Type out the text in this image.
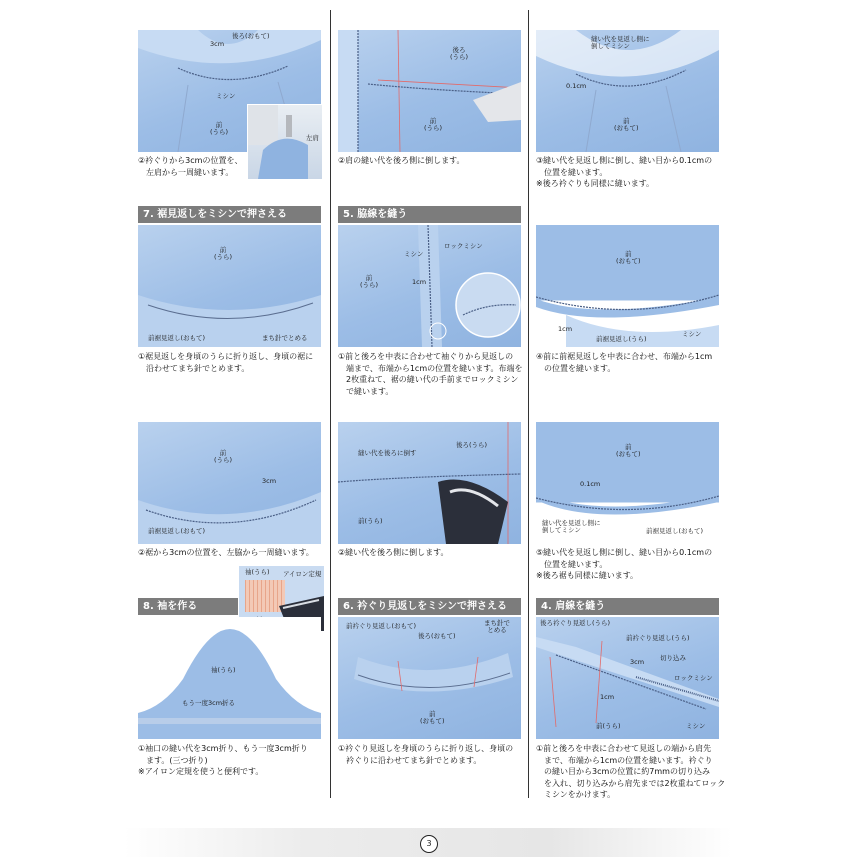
後ろ(おもて)
3cm
ミシン
前
(うら)
左肩
②衿ぐりから3cmの位置を、
　左肩から一周縫います。
7. 裾見返しをミシンで押さえる
前
(うら)
前裾見返し(おもて)	まち針でとめる
①裾見返しを身頃のうらに折り返し、身頃の裾に
　沿わせてまち針でとめます。
前
(うら)
3cm
前裾見返し(おもて)
②裾から3cmの位置を、左脇から一周縫います。
8. 袖を作る
袖(うら) アイロン定規
袖(うら)
もう一度3cm折る
①袖口の縫い代を3cm折り、もう一度3cm折り
　ます。(三つ折り)
※アイロン定規を使うと便利です。
後ろ
(うら)
前
(うら)
②肩の縫い代を後ろ側に倒します。
5. 脇線を縫う
ミシン
ロックミシン
前
(うら)	1cm
①前と後ろを中表に合わせて袖ぐりから見返しの
　端まで、布端から1cmの位置を縫います。布端を
　2枚重ねて、裾の縫い代の手前までロックミシン
　で縫います。
縫い代を後ろに倒す
後ろ(うら)
前(うら)
②縫い代を後ろ側に倒します。
6. 衿ぐり見返しをミシンで押さえる
前衿ぐり見返し(おもて)
後ろ(おもて)
まち針で
とめる
前
(おもて)
①衿ぐり見返しを身頃のうらに折り返し、身頃の
　衿ぐりに沿わせてまち針でとめます。
縫い代を見返し側に
倒してミシン
0.1cm
前
(おもて)
③縫い代を見返し側に倒し、縫い目から0.1cmの
　位置を縫います。
※後ろ衿ぐりも同様に縫います。
前
(おもて)
1cm
前裾見返し(うら)
ミシン
④前に前裾見返しを中表に合わせ、布端から1cm
　の位置を縫います。
前
(おもて)
0.1cm
縫い代を見返し側に
倒してミシン	前裾見返し(おもて)
⑤縫い代を見返し側に倒し、縫い目から0.1cmの
　位置を縫います。
※後ろ裾も同様に縫います。
4. 肩線を縫う
後ろ衿ぐり見返し(うら)
前衿ぐり見返し(うら)
3cm 切り込み
ロックミシン
1cm
前(うら)	ミシン
①前と後ろを中表に合わせて見返しの端から肩先
　まで、布端から1cmの位置を縫います。衿ぐり
　の縫い目から3cmの位置に約7mmの切り込み
　を入れ、切り込みから肩先までは2枚重ねてロック
　ミシンをかけます。
3
